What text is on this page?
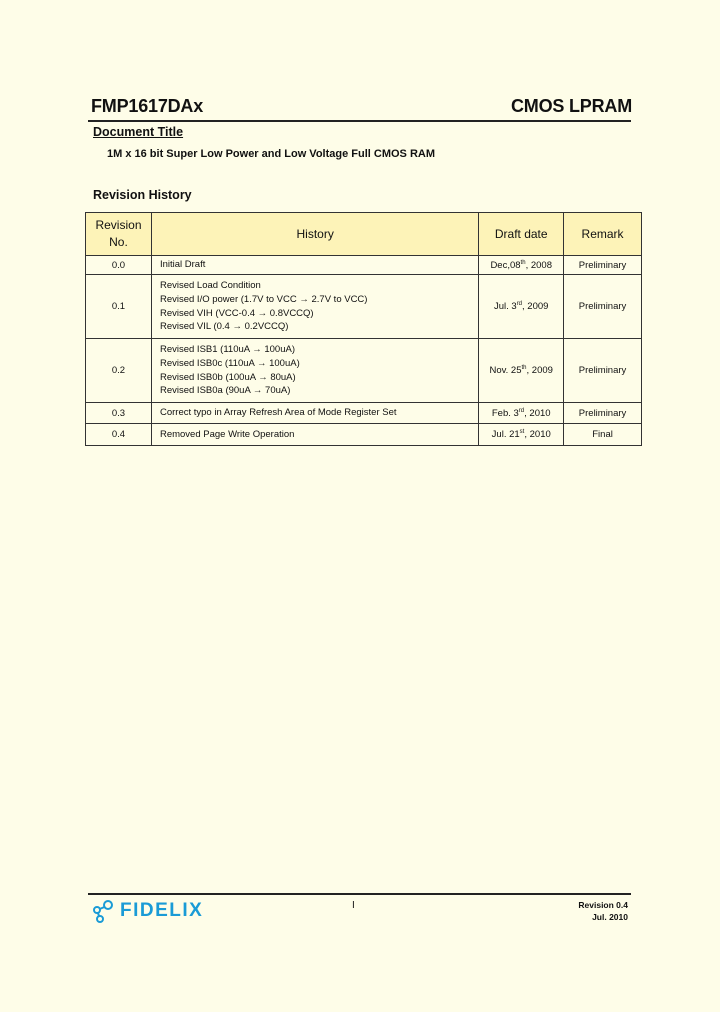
FMP1617DAx	CMOS LPRAM
Document Title
1M x 16 bit Super Low Power and Low Voltage Full CMOS RAM
Revision History
Revision
No.	History	Draft date	Remark
0.0	Initial Draft	Dec,08th, 2008	Preliminary
0.1	Revised Load Condition
Revised I/O power (1.7V to VCC → 2.7V to VCC)
Revised VIH (VCC-0.4 → 0.8VCCQ)
Revised VIL (0.4 → 0.2VCCQ)	Jul. 3rd, 2009	Preliminary
0.2	Revised ISB1 (110uA → 100uA)
Revised ISB0c (110uA → 100uA)
Revised ISB0b (100uA → 80uA)
Revised ISB0a (90uA → 70uA)	Nov. 25th, 2009	Preliminary
0.3	Correct typo in Array Refresh Area of Mode Register Set	Feb. 3rd, 2010	Preliminary
0.4	Removed Page Write Operation	Jul. 21st, 2010	Final
FIDELIX	I	Revision 0.4
Jul. 2010
